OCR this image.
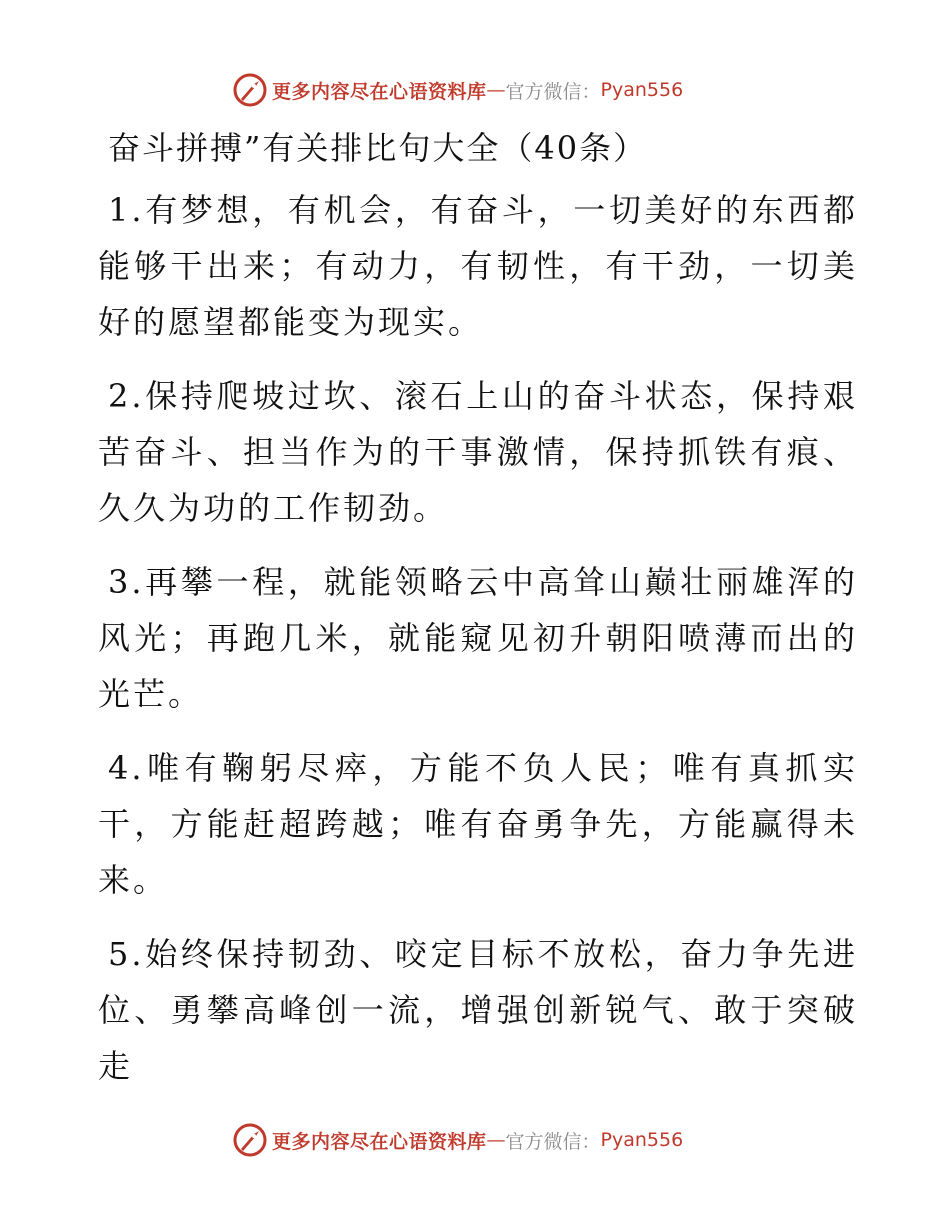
更多内容尽在心语资料库 — 官方微信： Pyan556
奋斗拼搏”有关排比句大全（40条）
1.有梦想，有机会，有奋斗，一切美好的东西都能够干出来；有动力，有韧性，有干劲，一切美好的愿望都能变为现实。
2.保持爬坡过坎、滚石上山的奋斗状态，保持艰苦奋斗、担当作为的干事激情，保持抓铁有痕、久久为功的工作韧劲。
3.再攀一程，就能领略云中高耸山巅壮丽雄浑的风光；再跑几米，就能窥见初升朝阳喷薄而出的光芒。
4.唯有鞠躬尽瘁，方能不负人民；唯有真抓实干，方能赶超跨越；唯有奋勇争先，方能赢得未来。
5.始终保持韧劲、咬定目标不放松，奋力争先进位、勇攀高峰创一流，增强创新锐气、敢于突破走
更多内容尽在心语资料库 — 官方微信： Pyan556
